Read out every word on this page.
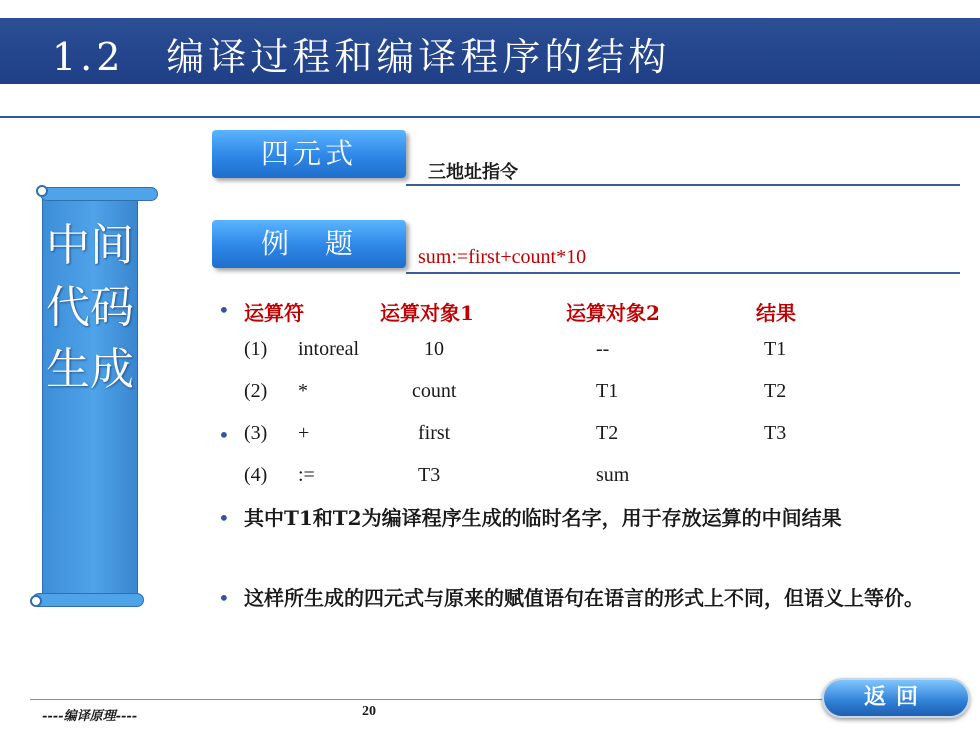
1.2　编译过程和编译程序的结构
中间代码生成
四元式
三地址指令
例　题	sum:=first+count*10
• 运算符	运算对象1	运算对象2	结果
(1) intoreal	10	--	T1
(2) *	count	T1	T2
• (3) +	first	T2	T3
(4) :=	T3	sum
• 其中T1和T2为编译程序生成的临时名字，用于存放运算的中间结果
• 这样所生成的四元式与原来的赋值语句在语言的形式上不同，但语义上等价。
----编译原理----	20
返回
